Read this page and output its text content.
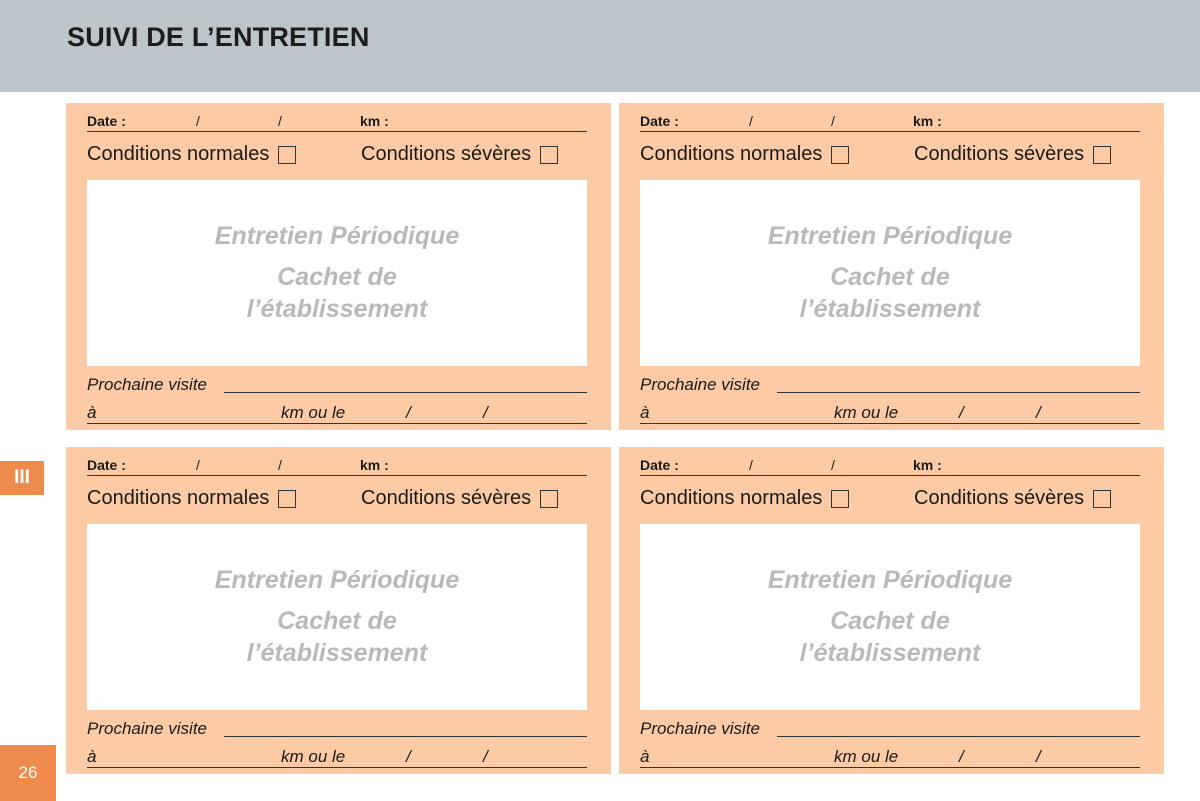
SUIVI DE L’ENTRETIEN
III
26
Date :	/	/	km :
Conditions normales	Conditions sévères
Entretien Périodique
Cachet de
l’établissement
Prochaine visite
à	km ou le	/	/
Date :	/	/	km :
Conditions normales	Conditions sévères
Entretien Périodique
Cachet de
l’établissement
Prochaine visite
à	km ou le	/	/
Date :	/	/	km :
Conditions normales	Conditions sévères
Entretien Périodique
Cachet de
l’établissement
Prochaine visite
à	km ou le	/	/
Date :	/	/	km :
Conditions normales	Conditions sévères
Entretien Périodique
Cachet de
l’établissement
Prochaine visite
à	km ou le	/	/
